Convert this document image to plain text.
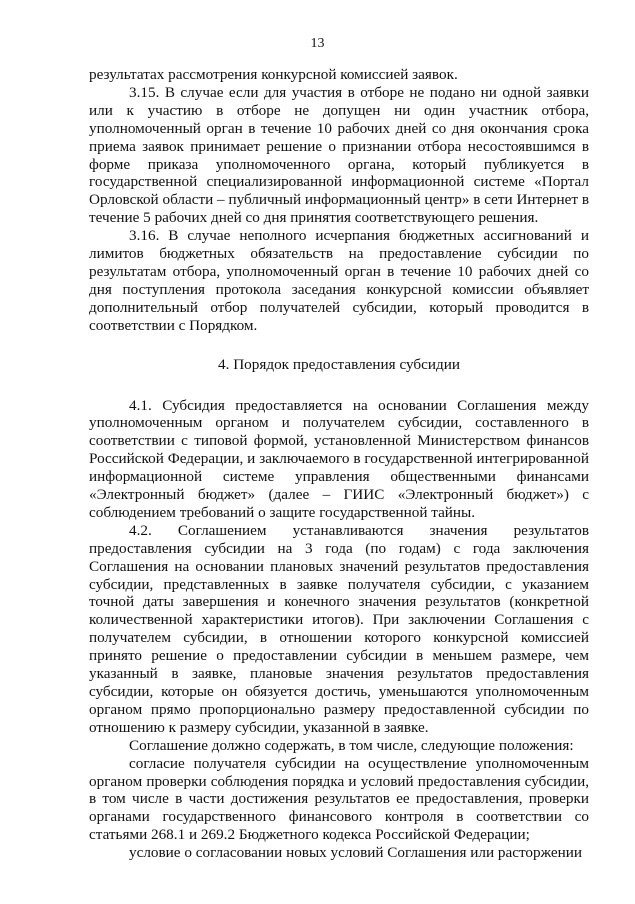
13

результатах рассмотрения конкурсной комиссией заявок.

3.15. В случае если для участия в отборе не подано ни одной заявки или к участию в отборе не допущен ни один участник отбора, уполномоченный орган в течение 10 рабочих дней со дня окончания срока приема заявок принимает решение о признании отбора несостоявшимся в форме приказа уполномоченного органа, который публикуется в государственной специализированной информационной системе «Портал Орловской области – публичный информационный центр» в сети Интернет в течение 5 рабочих дней со дня принятия соответствующего решения.

3.16. В случае неполного исчерпания бюджетных ассигнований и лимитов бюджетных обязательств на предоставление субсидии по результатам отбора, уполномоченный орган в течение 10 рабочих дней со дня поступления протокола заседания конкурсной комиссии объявляет дополнительный отбор получателей субсидии, который проводится в соответствии с Порядком.

4. Порядок предоставления субсидии

4.1. Субсидия предоставляется на основании Соглашения между уполномоченным органом и получателем субсидии, составленного в соответствии с типовой формой, установленной Министерством финансов Российской Федерации, и заключаемого в государственной интегрированной информационной системе управления общественными финансами «Электронный бюджет» (далее – ГИИС «Электронный бюджет») с соблюдением требований о защите государственной тайны.

4.2. Соглашением устанавливаются значения результатов предоставления субсидии на 3 года (по годам) с года заключения Соглашения на основании плановых значений результатов предоставления субсидии, представленных в заявке получателя субсидии, с указанием точной даты завершения и конечного значения результатов (конкретной количественной характеристики итогов). При заключении Соглашения с получателем субсидии, в отношении которого конкурсной комиссией принято решение о предоставлении субсидии в меньшем размере, чем указанный в заявке, плановые значения результатов предоставления субсидии, которые он обязуется достичь, уменьшаются уполномоченным органом прямо пропорционально размеру предоставленной субсидии по отношению к размеру субсидии, указанной в заявке.

Соглашение должно содержать, в том числе, следующие положения:

согласие получателя субсидии на осуществление уполномоченным органом проверки соблюдения порядка и условий предоставления субсидии, в том числе в части достижения результатов ее предоставления, проверки органами государственного финансового контроля в соответствии со статьями 268.1 и 269.2 Бюджетного кодекса Российской Федерации;

условие о согласовании новых условий Соглашения или расторжении
